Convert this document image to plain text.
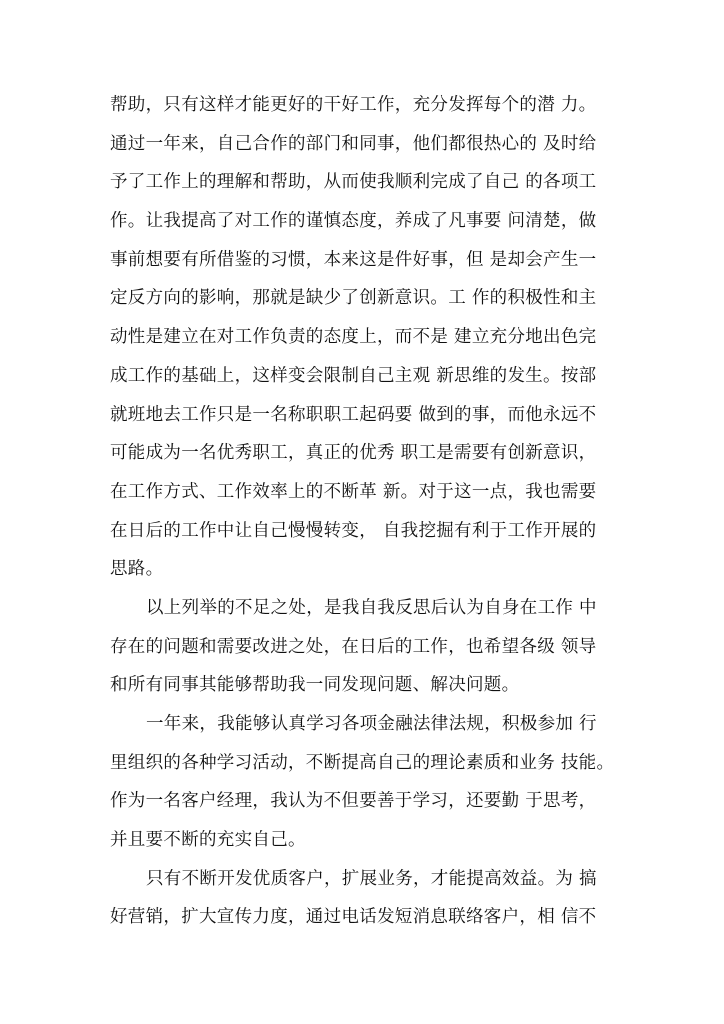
帮助，只有这样才能更好的干好工作，充分发挥每个的潜 力。
通过一年来，自己合作的部门和同事，他们都很热心的 及时给
予了工作上的理解和帮助，从而使我顺利完成了自己 的各项工
作。让我提高了对工作的谨慎态度，养成了凡事要 问清楚，做
事前想要有所借鉴的习惯，本来这是件好事，但 是却会产生一
定反方向的影响，那就是缺少了创新意识。工 作的积极性和主
动性是建立在对工作负责的态度上，而不是 建立充分地出色完
成工作的基础上，这样变会限制自己主观 新思维的发生。按部
就班地去工作只是一名称职职工起码要 做到的事，而他永远不
可能成为一名优秀职工，真正的优秀 职工是需要有创新意识，
在工作方式、工作效率上的不断革 新。对于这一点，我也需要
在日后的工作中让自己慢慢转变， 自我挖掘有利于工作开展的
思路。
以上列举的不足之处，是我自我反思后认为自身在工作 中
存在的问题和需要改进之处，在日后的工作，也希望各级 领导
和所有同事其能够帮助我一同发现问题、解决问题。
一年来，我能够认真学习各项金融法律法规，积极参加 行
里组织的各种学习活动，不断提高自己的理论素质和业务 技能。
作为一名客户经理，我认为不但要善于学习，还要勤 于思考，
并且要不断的充实自己。
只有不断开发优质客户，扩展业务，才能提高效益。为 搞
好营销，扩大宣传力度，通过电话发短消息联络客户，相 信不
